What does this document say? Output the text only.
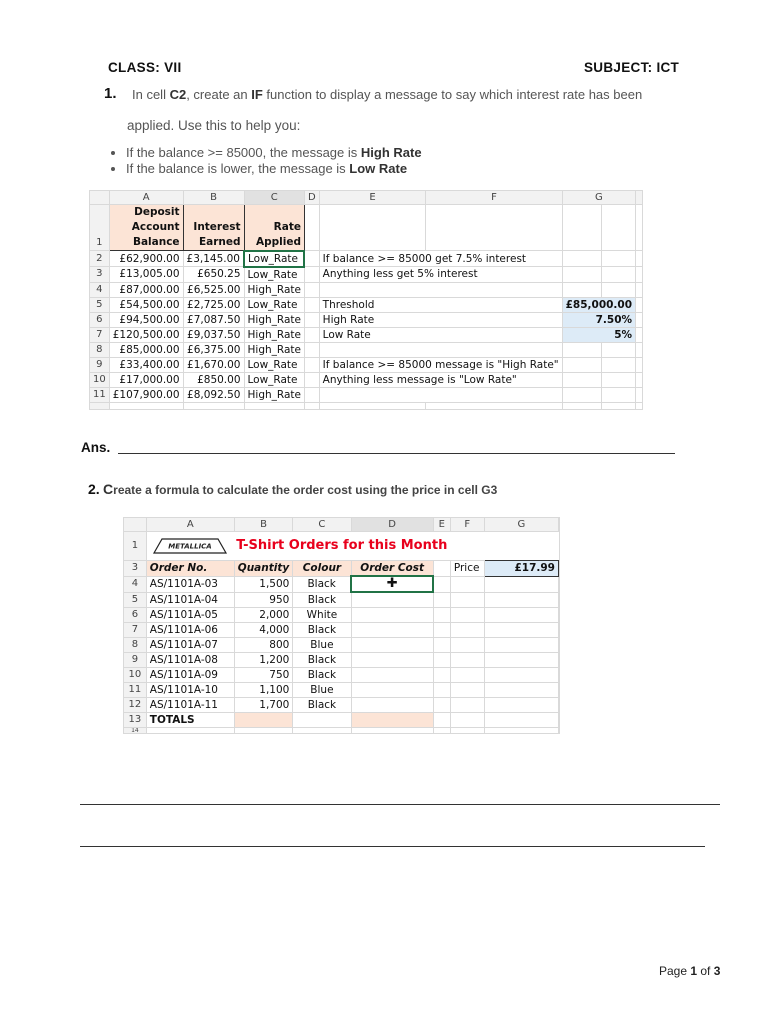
CLASS: VII	SUBJECT: ICT
1. In cell C2, create an IF function to display a message to say which interest rate has been
applied. Use this to help you:
• If the balance >= 85000, the message is High Rate
• If the balance is lower, the message is Low Rate
	A	B	C	D	E	F	G	
1	Deposit
Account
Balance	Interest
Earned	Rate
Applied					
2	£62,900.00	£3,145.00	Low_Rate		If balance >= 85000 get 7.5% interest			
3	£13,005.00	£650.25	Low_Rate		Anything less get 5% interest			
4	£87,000.00	£6,525.00	High_Rate					
5	£54,500.00	£2,725.00	Low_Rate		Threshold		£85,000.00	
6	£94,500.00	£7,087.50	High_Rate		High Rate		7.50%	
7	£120,500.00	£9,037.50	High_Rate		Low Rate		5%	
8	£85,000.00	£6,375.00	High_Rate					
9	£33,400.00	£1,670.00	Low_Rate		If balance >= 85000 message is "High Rate"			
10	£17,000.00	£850.00	Low_Rate		Anything less message is "Low Rate"			
11	£107,900.00	£8,092.50	High_Rate					

Ans.
2. Create a formula to calculate the order cost using the price in cell G3
	A	B	C	D	E	F	G
1	METALLICA	T-Shirt Orders for this Month					
3	Order No.	Quantity	Colour	Order Cost		Price	£17.99
4	AS/1101A-03	1,500	Black	✚			
5	AS/1101A-04	950	Black				
6	AS/1101A-05	2,000	White				
7	AS/1101A-06	4,000	Black				
8	AS/1101A-07	800	Blue				
9	AS/1101A-08	1,200	Black				
10	AS/1101A-09	750	Black				
11	AS/1101A-10	1,100	Blue				
12	AS/1101A-11	1,700	Black				
13	TOTALS						
14							
Page 1 of 3
